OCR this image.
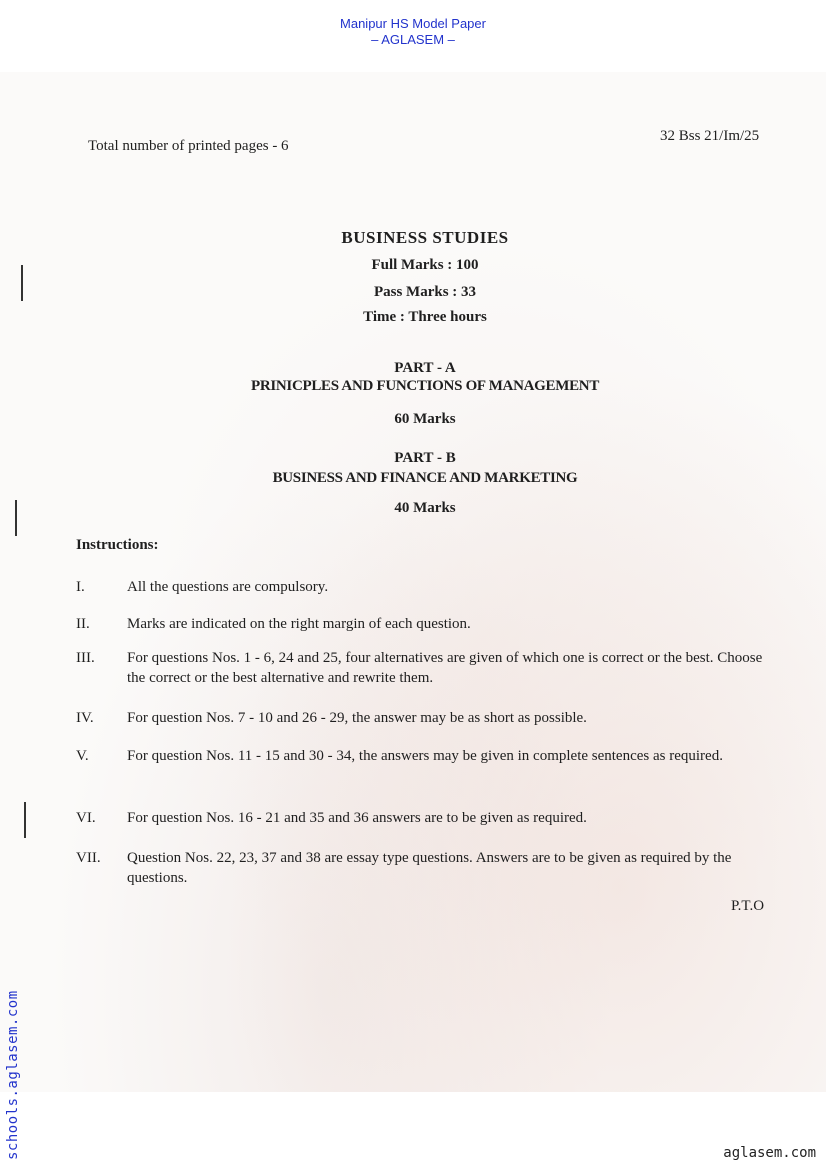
Manipur HS Model Paper
– AGLASEM –
Total number of printed pages - 6
32 Bss 21/Im/25
BUSINESS STUDIES
Full Marks : 100
Pass Marks : 33
Time : Three hours
PART - A
PRINICPLES AND FUNCTIONS OF MANAGEMENT
60 Marks
PART - B
BUSINESS AND FINANCE AND MARKETING
40 Marks
Instructions:
I.	All the questions are compulsory.
II.	Marks are indicated on the right margin of each question.
III.	For questions Nos. 1 - 6, 24 and 25, four alternatives are given of which one is correct or the best. Choose the correct or the best alternative and rewrite them.
IV.	For question Nos. 7 - 10 and 26 - 29, the answer may be as short as possible.
V.	For question Nos. 11 - 15 and 30 - 34, the answers may be given in complete sentences as required.
VI.	For question Nos. 16 - 21 and 35 and 36 answers are to be given as required.
VII.	Question Nos. 22, 23, 37 and 38 are essay type questions. Answers are to be given as required by the questions.
P.T.O
schools.aglasem.com	aglasem.com
